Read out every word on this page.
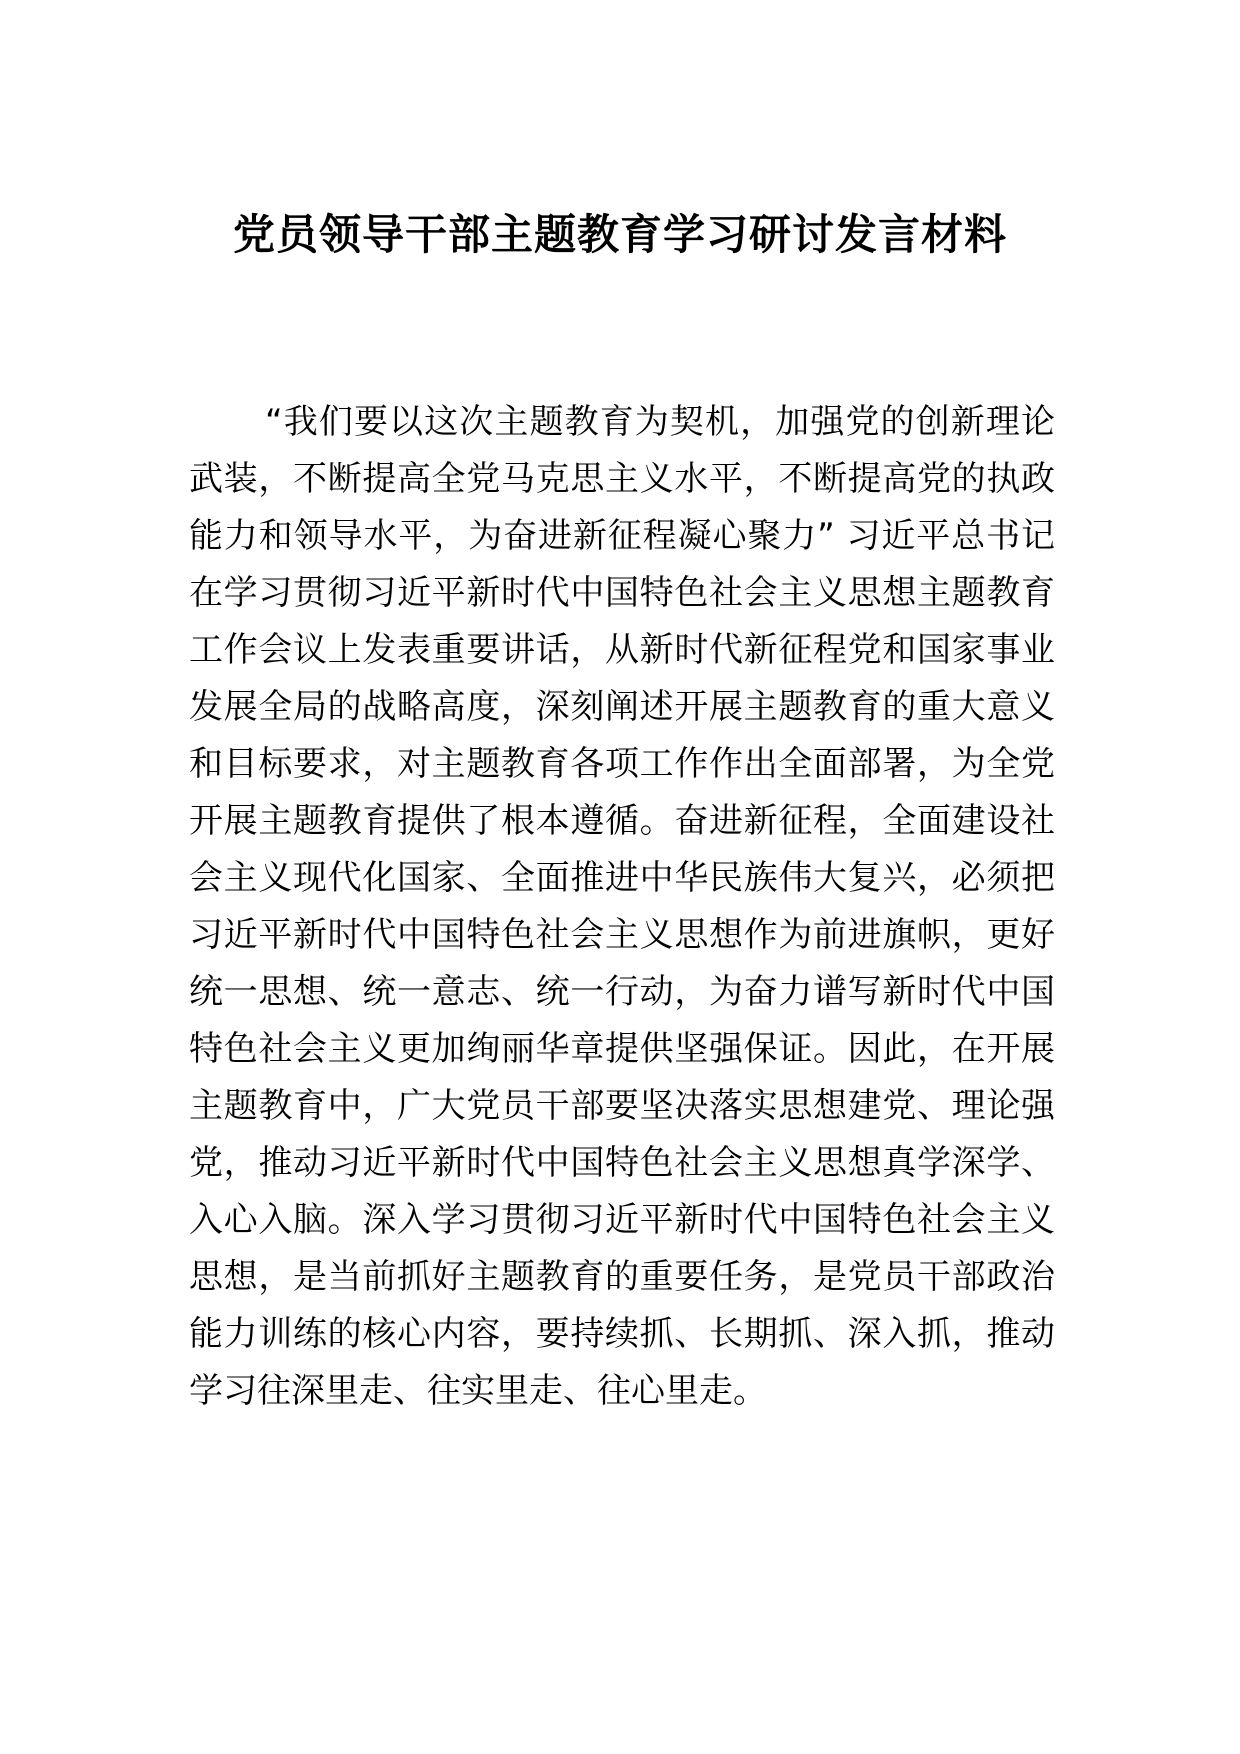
党员领导干部主题教育学习研讨发言材料
“我们要以这次主题教育为契机，加强党的创新理论
武装，不断提高全党马克思主义水平，不断提高党的执政
能力和领导水平，为奋进新征程凝心聚力” 习近平总书记
在学习贯彻习近平新时代中国特色社会主义思想主题教育
工作会议上发表重要讲话，从新时代新征程党和国家事业
发展全局的战略高度，深刻阐述开展主题教育的重大意义
和目标要求，对主题教育各项工作作出全面部署，为全党
开展主题教育提供了根本遵循。奋进新征程，全面建设社
会主义现代化国家、全面推进中华民族伟大复兴，必须把
习近平新时代中国特色社会主义思想作为前进旗帜，更好
统一思想、统一意志、统一行动，为奋力谱写新时代中国
特色社会主义更加绚丽华章提供坚强保证。因此，在开展
主题教育中，广大党员干部要坚决落实思想建党、理论强
党，推动习近平新时代中国特色社会主义思想真学深学、
入心入脑。深入学习贯彻习近平新时代中国特色社会主义
思想，是当前抓好主题教育的重要任务，是党员干部政治
能力训练的核心内容，要持续抓、长期抓、深入抓，推动
学习往深里走、往实里走、往心里走。
